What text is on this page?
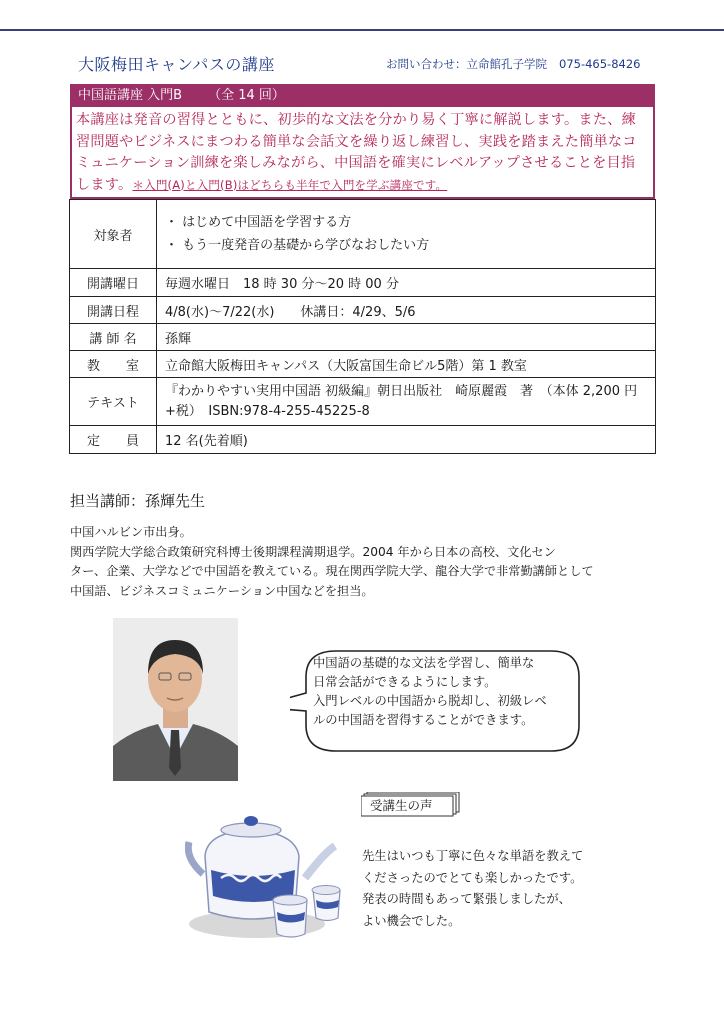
大阪梅田キャンパスの講座	お問い合わせ：立命館孔子学院 075-465-8426
中国語講座 入門B （全 14 回）
本講座は発音の習得とともに、初歩的な文法を分かり易く丁寧に解説します。また、練習問題やビジネスにまつわる簡単な会話文を繰り返し練習し、実践を踏まえた簡単なコミュニケーション訓練を楽しみながら、中国語を確実にレベルアップさせることを目指します。＊入門(A)と入門(B)はどちらも半年で入門を学ぶ講座です。
対象者	・ はじめて中国語を学習する方
・ もう一度発音の基礎から学びなおしたい方

開講曜日	毎週水曜日　18 時 30 分～20 時 00 分
開講日程	4/8(水)～7/22(水)　　休講日：4/29、5/6
講 師 名	孫輝
教　　室	立命館大阪梅田キャンパス（大阪富国生命ビル5階）第 1 教室
テキスト	『わかりやすい実用中国語 初級編』朝日出版社　崎原麗霞　著　（本体 2,200 円+税）　ISBN:978-4-255-45225-8
定　　員	12 名(先着順)
担当講師：孫輝先生
中国ハルビン市出身。
関西学院大学総合政策研究科博士後期課程満期退学。2004 年から日本の高校、文化セン
ター、企業、大学などで中国語を教えている。現在関西学院大学、龍谷大学で非常勤講師として
中国語、ビジネスコミュニケーション中国などを担当。
中国語の基礎的な文法を学習し、簡単な
日常会話ができるようにします。
入門レベルの中国語から脱却し、初級レベ
ルの中国語を習得することができます。
受講生の声
先生はいつも丁寧に色々な単語を教えて
くださったのでとても楽しかったです。
発表の時間もあって緊張しましたが、
よい機会でした。
